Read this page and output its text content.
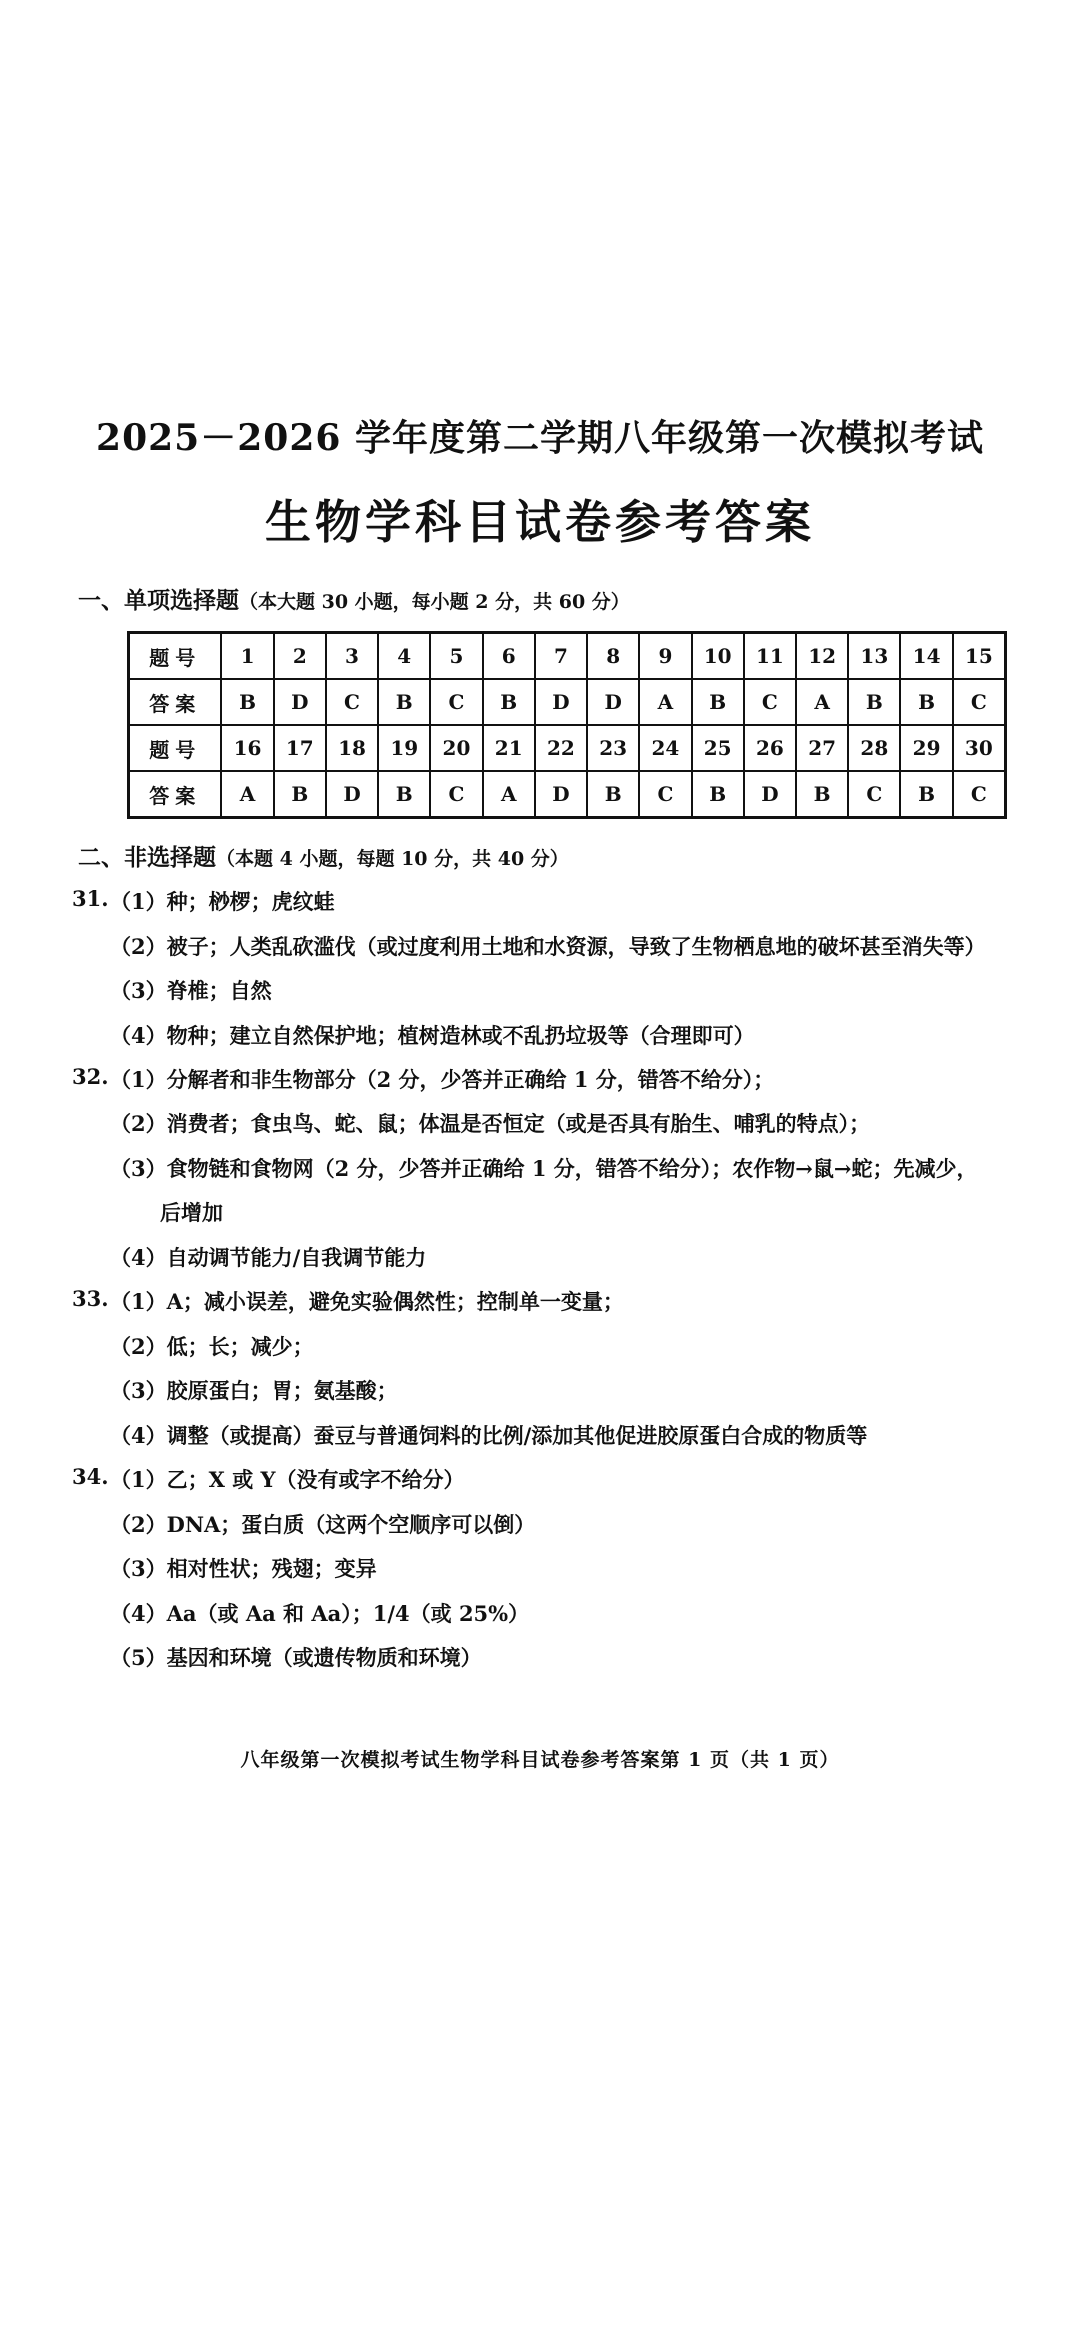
2025－2026 学年度第二学期八年级第一次模拟考试
生物学科目试卷参考答案
一、单项选择题（本大题 30 小题，每小题 2 分，共 60 分）
题号	1	2	3	4	5	6	7	8	9	10	11	12	13	14	15
答案	B	D	C	B	C	B	D	D	A	B	C	A	B	B	C
题号	16	17	18	19	20	21	22	23	24	25	26	27	28	29	30
答案	A	B	D	B	C	A	D	B	C	B	D	B	C	B	C
二、非选择题（本题 4 小题，每题 10 分，共 40 分）
31. （1）种；桫椤；虎纹蛙
（2）被子；人类乱砍滥伐（或过度利用土地和水资源，导致了生物栖息地的破坏甚至消失等）
（3）脊椎；自然
（4）物种；建立自然保护地；植树造林或不乱扔垃圾等（合理即可）
32. （1）分解者和非生物部分（2 分，少答并正确给 1 分，错答不给分）；
（2）消费者；食虫鸟、蛇、鼠；体温是否恒定（或是否具有胎生、哺乳的特点）；
（3）食物链和食物网（2 分，少答并正确给 1 分，错答不给分）；农作物→鼠→蛇；先减少，
后增加
（4）自动调节能力/自我调节能力
33. （1）A；减小误差，避免实验偶然性；控制单一变量；
（2）低；长；减少；
（3）胶原蛋白；胃；氨基酸；
（4）调整（或提高）蚕豆与普通饲料的比例/添加其他促进胶原蛋白合成的物质等
34. （1）乙；X 或 Y（没有或字不给分）
（2）DNA；蛋白质（这两个空顺序可以倒）
（3）相对性状；残翅；变异
（4）Aa（或 Aa 和 Aa）；1/4（或 25%）
（5）基因和环境（或遗传物质和环境）
八年级第一次模拟考试生物学科目试卷参考答案第 1 页（共 1 页）
